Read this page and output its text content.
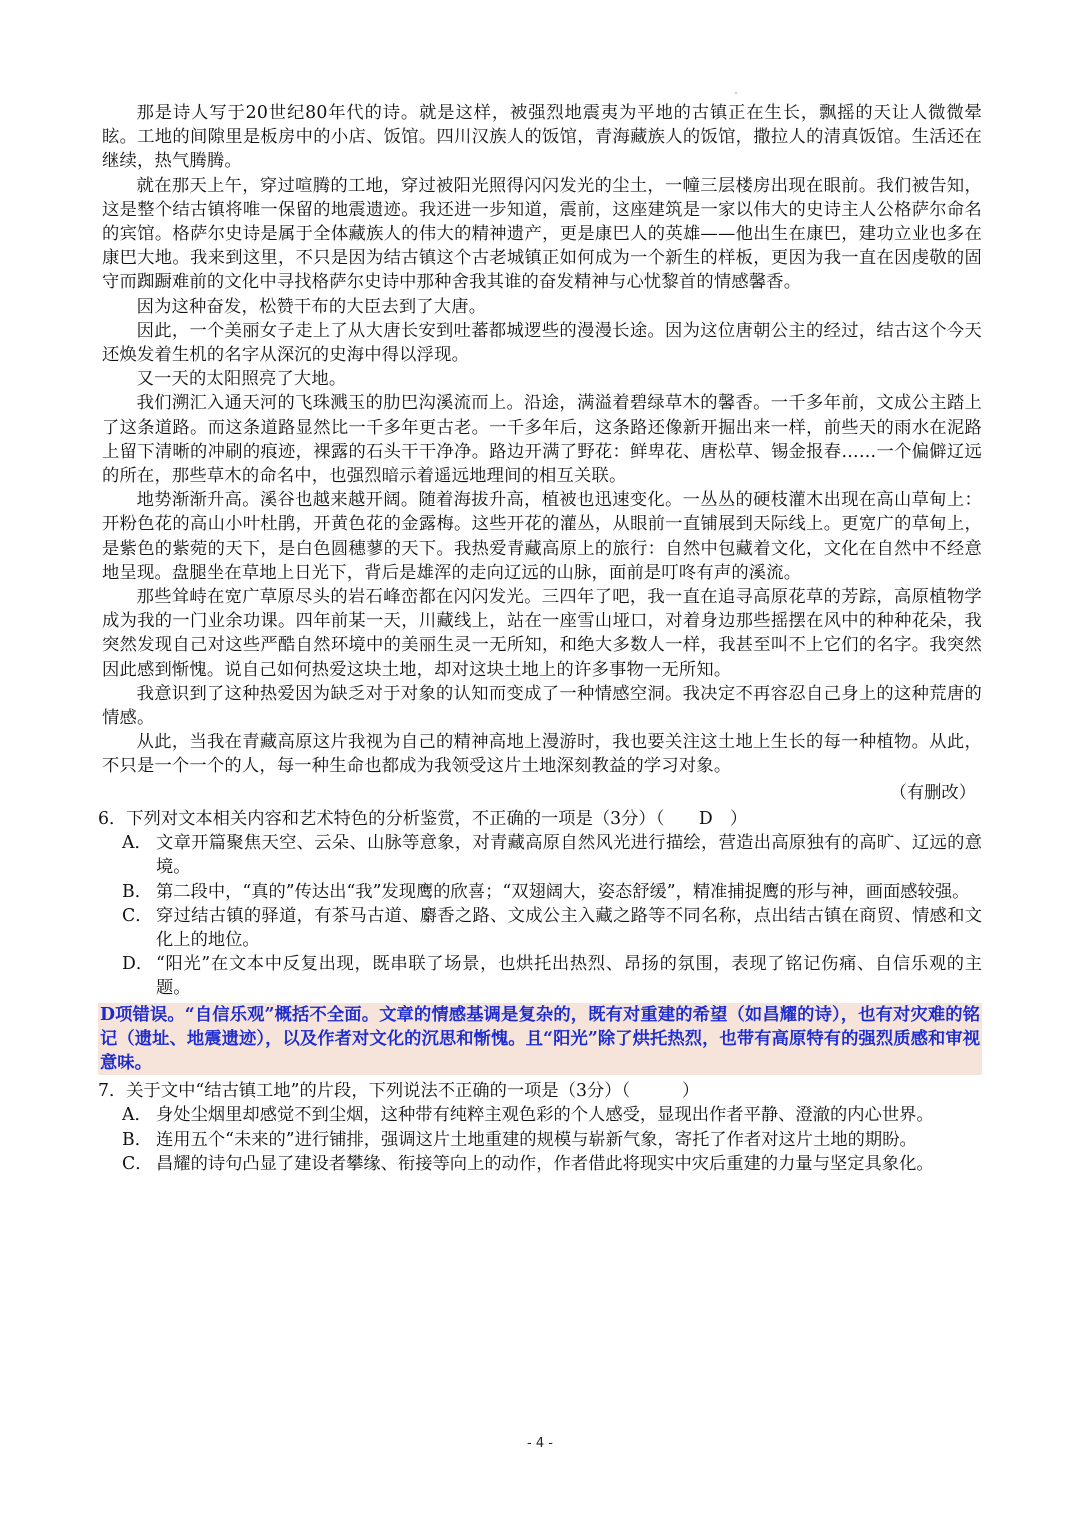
那是诗人写于20世纪80年代的诗。就是这样，被强烈地震夷为平地的古镇正在生长，飘摇的天让人微微晕眩。工地的间隙里是板房中的小店、饭馆。四川汉族人的饭馆，青海藏族人的饭馆，撒拉人的清真饭馆。生活还在继续，热气腾腾。

就在那天上午，穿过喧腾的工地，穿过被阳光照得闪闪发光的尘土，一幢三层楼房出现在眼前。我们被告知，这是整个结古镇将唯一保留的地震遗迹。我还进一步知道，震前，这座建筑是一家以伟大的史诗主人公格萨尔命名的宾馆。格萨尔史诗是属于全体藏族人的伟大的精神遗产，更是康巴人的英雄——他出生在康巴，建功立业也多在康巴大地。我来到这里，不只是因为结古镇这个古老城镇正如何成为一个新生的样板，更因为我一直在因虔敬的固守而踟蹰难前的文化中寻找格萨尔史诗中那种舍我其谁的奋发精神与心忧黎首的情感馨香。

因为这种奋发，松赞干布的大臣去到了大唐。

因此，一个美丽女子走上了从大唐长安到吐蕃都城逻些的漫漫长途。因为这位唐朝公主的经过，结古这个今天还焕发着生机的名字从深沉的史海中得以浮现。

又一天的太阳照亮了大地。

我们溯汇入通天河的飞珠溅玉的肋巴沟溪流而上。沿途，满溢着碧绿草木的馨香。一千多年前，文成公主踏上了这条道路。而这条道路显然比一千多年更古老。一千多年后，这条路还像新开掘出来一样，前些天的雨水在泥路上留下清晰的冲刷的痕迹，裸露的石头干干净净。路边开满了野花：鲜卑花、唐松草、锡金报春……一个偏僻辽远的所在，那些草木的命名中，也强烈暗示着遥远地理间的相互关联。

地势渐渐升高。溪谷也越来越开阔。随着海拔升高，植被也迅速变化。一丛丛的硬枝灌木出现在高山草甸上：开粉色花的高山小叶杜鹃，开黄色花的金露梅。这些开花的灌丛，从眼前一直铺展到天际线上。更宽广的草甸上，是紫色的紫菀的天下，是白色圆穗蓼的天下。我热爱青藏高原上的旅行：自然中包藏着文化，文化在自然中不经意地呈现。盘腿坐在草地上日光下，背后是雄浑的走向辽远的山脉，面前是叮咚有声的溪流。

那些耸峙在宽广草原尽头的岩石峰峦都在闪闪发光。三四年了吧，我一直在追寻高原花草的芳踪，高原植物学成为我的一门业余功课。四年前某一天，川藏线上，站在一座雪山垭口，对着身边那些摇摆在风中的种种花朵，我突然发现自己对这些严酷自然环境中的美丽生灵一无所知，和绝大多数人一样，我甚至叫不上它们的名字。我突然因此感到惭愧。说自己如何热爱这块土地，却对这块土地上的许多事物一无所知。

我意识到了这种热爱因为缺乏对于对象的认知而变成了一种情感空洞。我决定不再容忍自己身上的这种荒唐的情感。

从此，当我在青藏高原这片我视为自己的精神高地上漫游时，我也要关注这土地上生长的每一种植物。从此，不只是一个一个的人，每一种生命也都成为我领受这片土地深刻教益的学习对象。

（有删改）
6．下列对文本相关内容和艺术特色的分析鉴赏，不正确的一项是（3分）（　　D　）
A． 文章开篇聚焦天空、云朵、山脉等意象，对青藏高原自然风光进行描绘，营造出高原独有的高旷、辽远的意境。
B． 第二段中，“真的”传达出“我”发现鹰的欣喜；“双翅阔大，姿态舒缓”，精准捕捉鹰的形与神，画面感较强。
C． 穿过结古镇的驿道，有茶马古道、麝香之路、文成公主入藏之路等不同名称，点出结古镇在商贸、情感和文化上的地位。
D． “阳光”在文本中反复出现，既串联了场景，也烘托出热烈、昂扬的氛围，表现了铭记伤痛、自信乐观的主题。
D项错误。“自信乐观”概括不全面。文章的情感基调是复杂的，既有对重建的希望（如昌耀的诗），也有对灾难的铭记（遗址、地震遗迹），以及作者对文化的沉思和惭愧。且“阳光”除了烘托热烈，也带有高原特有的强烈质感和审视意味。
7．关于文中“结古镇工地”的片段，下列说法不正确的一项是（3分）（　　　）
A． 身处尘烟里却感觉不到尘烟，这种带有纯粹主观色彩的个人感受，显现出作者平静、澄澈的内心世界。
B． 连用五个“未来的”进行铺排，强调这片土地重建的规模与崭新气象，寄托了作者对这片土地的期盼。
C． 昌耀的诗句凸显了建设者攀缘、衔接等向上的动作，作者借此将现实中灾后重建的力量与坚定具象化。
- 4 -
